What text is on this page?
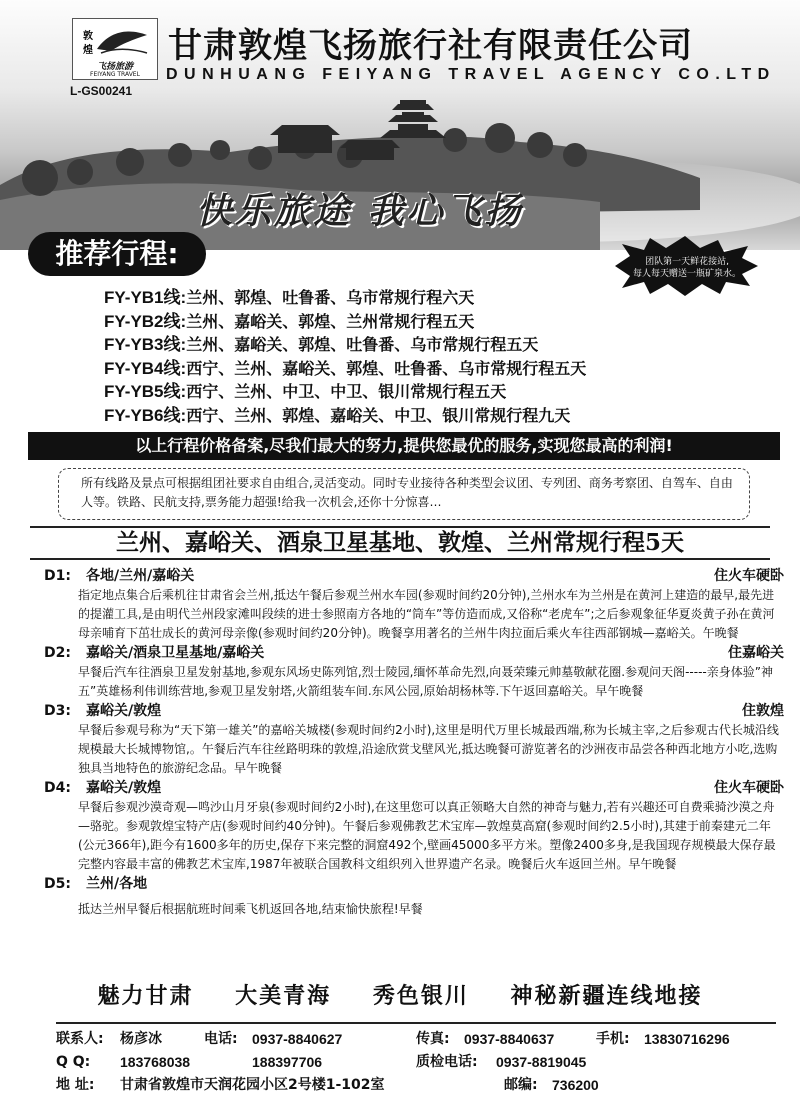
敦
煌
飞扬旅游
FEIYANG TRAVEL
L-GS00241
甘肃敦煌飞扬旅行社有限责任公司
DUNHUANG FEIYANG TRAVEL AGENCY CO.LTD
快乐旅途 我心飞扬
推荐行程:	团队第一天鲜花接站,
每人每天赠送一瓶矿泉水。
FY-YB1线:兰州、郭煌、吐鲁番、乌市常规行程六天
FY-YB2线:兰州、嘉峪关、郭煌、兰州常规行程五天
FY-YB3线:兰州、嘉峪关、郭煌、吐鲁番、乌市常规行程五天
FY-YB4线:西宁、兰州、嘉峪关、郭煌、吐鲁番、乌市常规行程五天
FY-YB5线:西宁、兰州、中卫、中卫、银川常规行程五天
FY-YB6线:西宁、兰州、郭煌、嘉峪关、中卫、银川常规行程九天
以上行程价格备案,尽我们最大的努力,提供您最优的服务,实现您最高的利润!
所有线路及景点可根据组团社要求自由组合,灵活变动。同时专业接待各种类型会议团、专列团、商务考察团、自驾车、自由人等。铁路、民航支持,票务能力超强!给我一次机会,还你十分惊喜…
兰州、嘉峪关、酒泉卫星基地、敦煌、兰州常规行程5天
D1: 各地/兰州/嘉峪关	住火车硬卧
指定地点集合后乘机往甘肃省会兰州,抵达午餐后参观兰州水车园(参观时间约20分钟),兰州水车为兰州是在黄河上建造的最早,最先进的提灌工具,是由明代兰州段家滩叫段续的进士参照南方各地的“筒车”等仿造而成,又俗称“老虎车”;之后参观象征华夏炎黄子孙在黄河母亲哺育下茁壮成长的黄河母亲像(参观时间约20分钟)。晚餐享用著名的兰州牛肉拉面后乘火车往西部钢城—嘉峪关。午晚餐
D2: 嘉峪关/酒泉卫星基地/嘉峪关	住嘉峪关
早餐后汽车往酒泉卫星发射基地,参观东风场史陈列馆,烈士陵园,缅怀革命先烈,向聂荣臻元帅墓敬献花圈.参观问天阁-----亲身体验”神五”英雄杨利伟训练营地,参观卫星发射塔,火箭组装车间.东风公园,原始胡杨林等.下午返回嘉峪关。早午晚餐
D3: 嘉峪关/敦煌	住敦煌
早餐后参观号称为“天下第一雄关”的嘉峪关城楼(参观时间约2小时),这里是明代万里长城最西端,称为长城主宰,之后参观古代长城沿线规模最大长城博物馆,。午餐后汽车往丝路明珠的敦煌,沿途欣赏戈壁风光,抵达晚餐可游览著名的沙洲夜市品尝各种西北地方小吃,选购独具当地特色的旅游纪念品。早午晚餐
D4: 嘉峪关/敦煌	住火车硬卧
早餐后参观沙漠奇观—鸣沙山月牙泉(参观时间约2小时),在这里您可以真正领略大自然的神奇与魅力,若有兴趣还可自费乘骑沙漠之舟—骆驼。参观敦煌宝特产店(参观时间约40分钟)。午餐后参观佛教艺术宝库—敦煌莫高窟(参观时间约2.5小时),其建于前秦建元二年(公元366年),距今有1600多年的历史,保存下来完整的洞窟492个,壁画45000多平方米。塑像2400多身,是我国现存规模最大保存最完整内容最丰富的佛教艺术宝库,1987年被联合国教科文组织列入世界遗产名录。晚餐后火车返回兰州。早午晚餐
D5: 兰州/各地
抵达兰州早餐后根据航班时间乘飞机返回各地,结束愉快旅程!早餐
魅力甘肃 大美青海 秀色银川 神秘新疆连线地接
联系人: 杨彦冰	电话: 0937-8840627	传真: 0937-8840637	手机: 13830716296
Q Q: 183768038	188397706	质检电话: 0937-8819045
地 址: 甘肃省敦煌市天润花园小区2号楼1-102室	邮编: 736200
